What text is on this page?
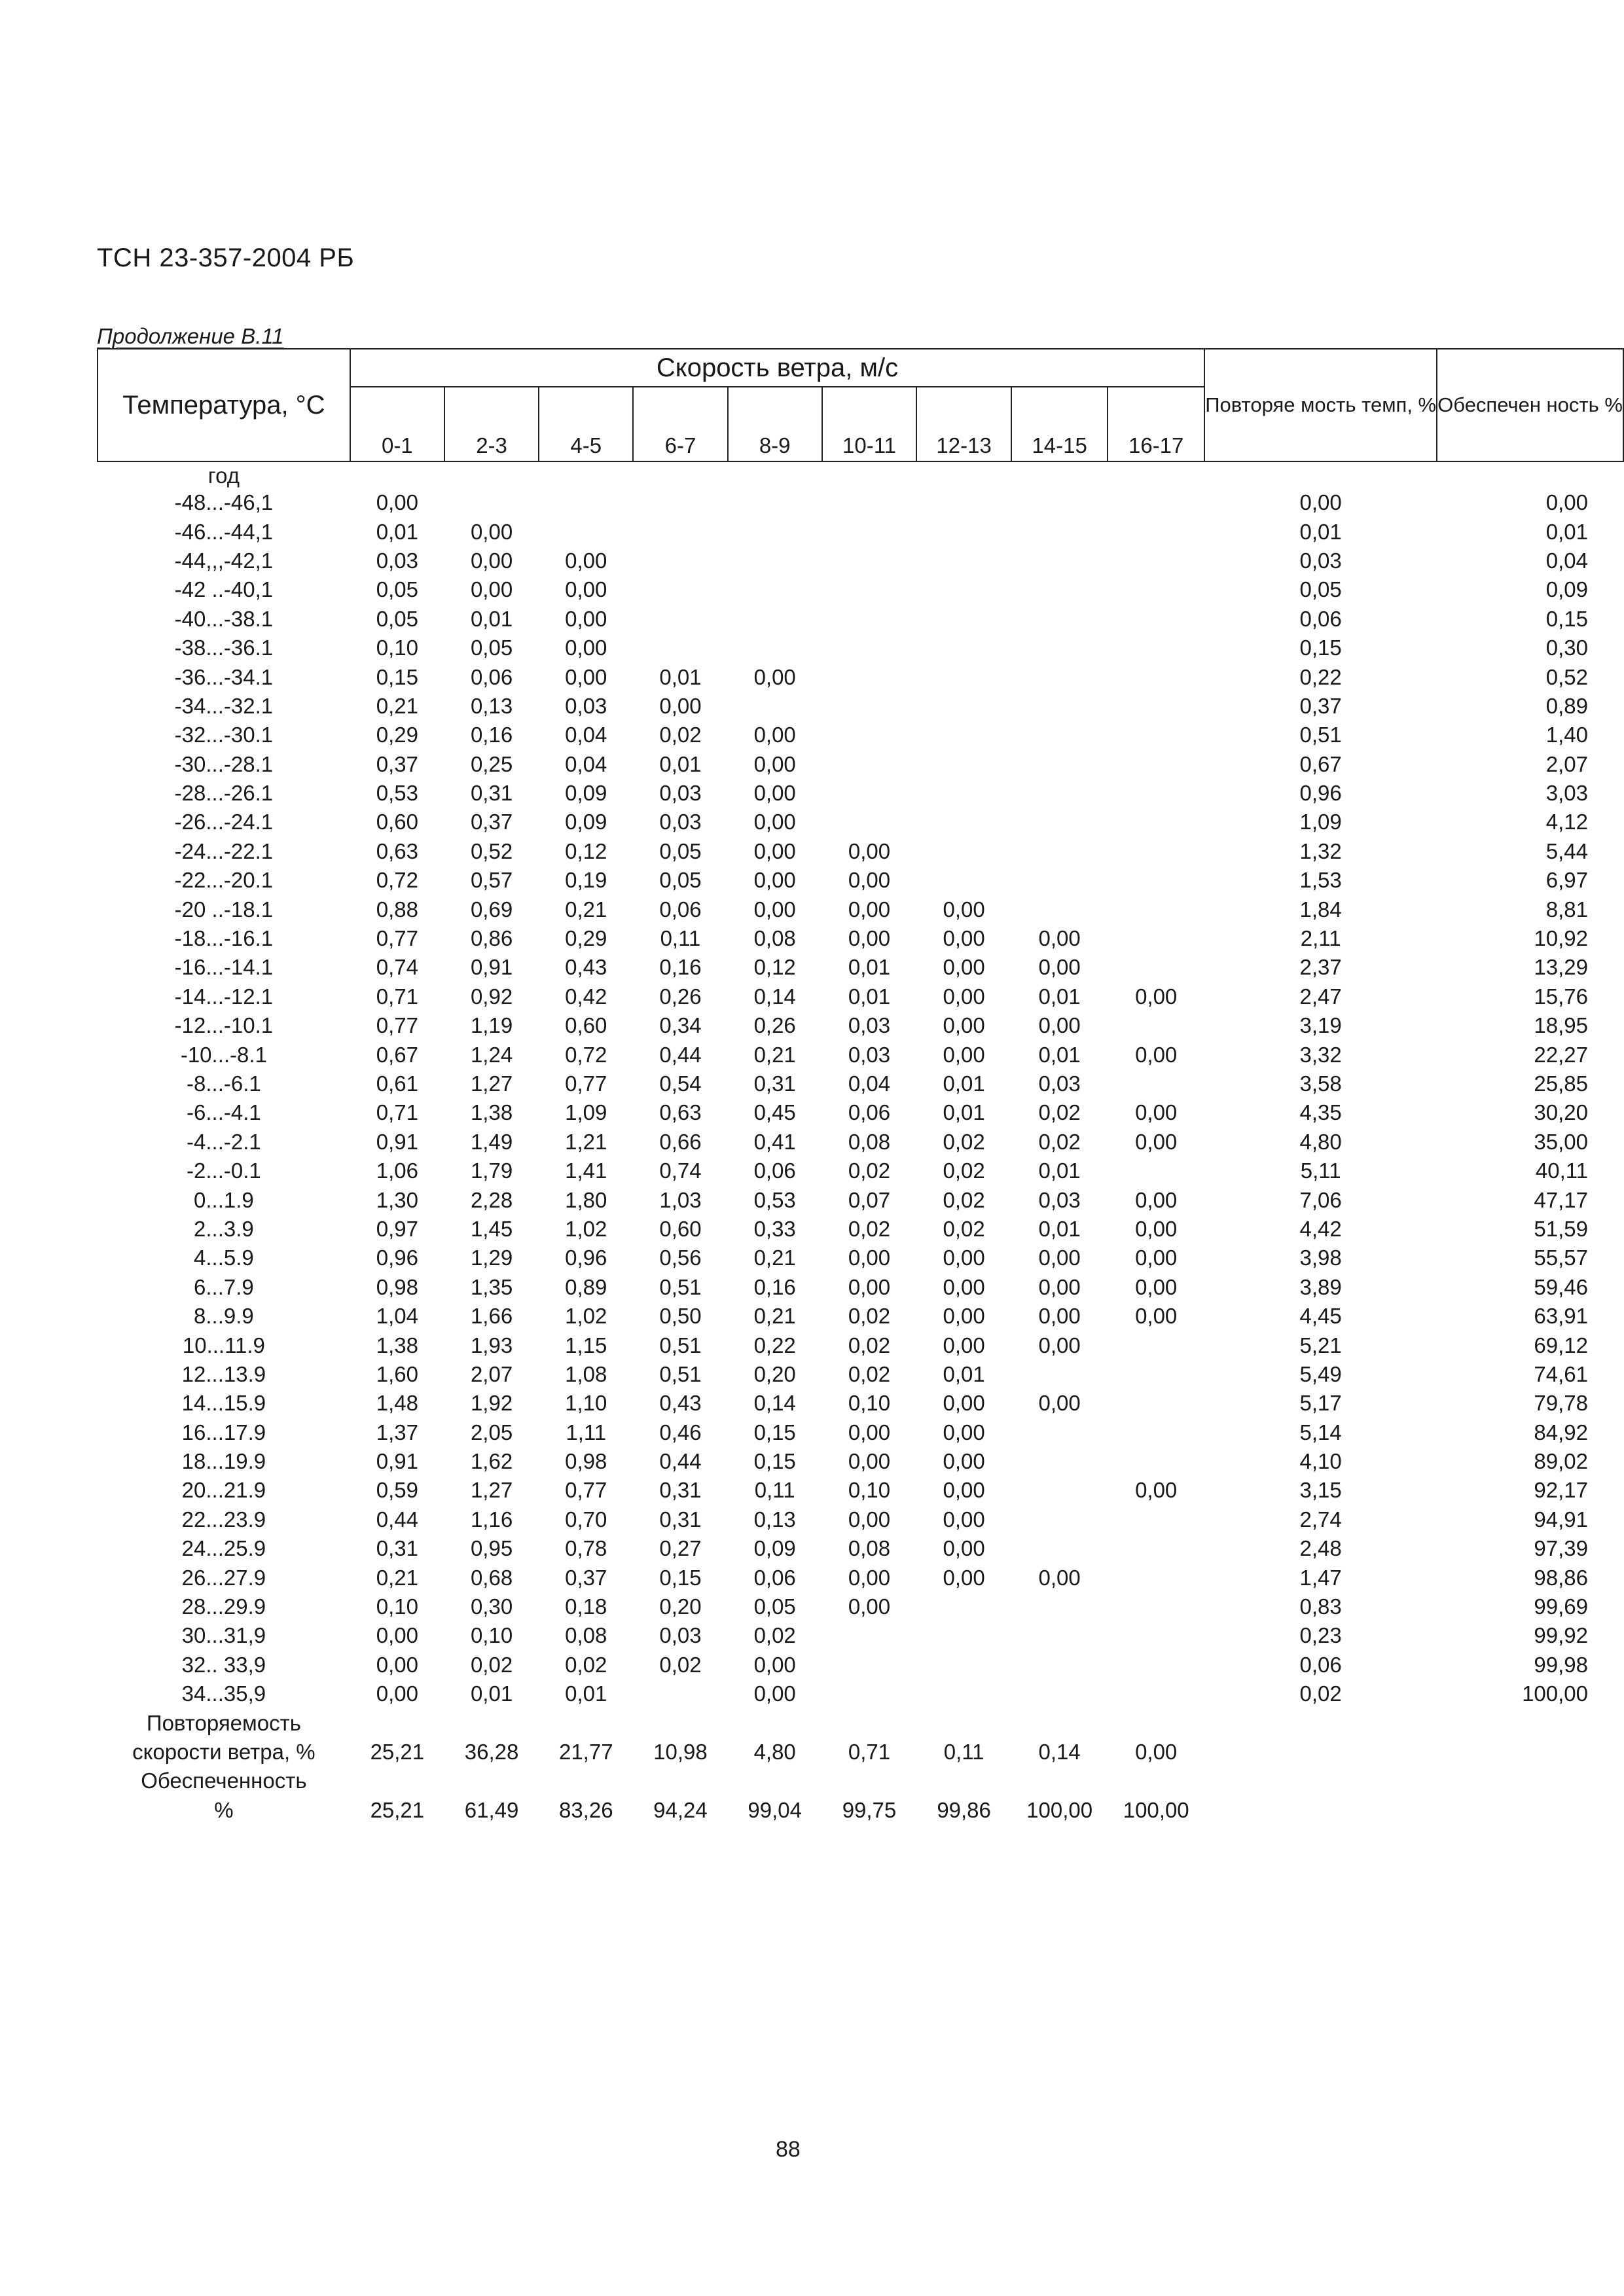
ТСН 23-357-2004 РБ
Продолжение В.11
Температура, °С	Скорость ветра, м/с									Повторяе мость темп, %	Обеспечен ность %
	0-1	2-3	4-5	6-7	8-9	10-11	12-13	14-15	16-17		
год											
-48...-46,1	0,00									0,00	0,00
-46...-44,1	0,01	0,00								0,01	0,01
-44,,,-42,1	0,03	0,00	0,00							0,03	0,04
-42 ..-40,1	0,05	0,00	0,00							0,05	0,09
-40...-38.1	0,05	0,01	0,00							0,06	0,15
-38...-36.1	0,10	0,05	0,00							0,15	0,30
-36...-34.1	0,15	0,06	0,00	0,01	0,00					0,22	0,52
-34...-32.1	0,21	0,13	0,03	0,00						0,37	0,89
-32...-30.1	0,29	0,16	0,04	0,02	0,00					0,51	1,40
-30...-28.1	0,37	0,25	0,04	0,01	0,00					0,67	2,07
-28...-26.1	0,53	0,31	0,09	0,03	0,00					0,96	3,03
-26...-24.1	0,60	0,37	0,09	0,03	0,00					1,09	4,12
-24...-22.1	0,63	0,52	0,12	0,05	0,00	0,00				1,32	5,44
-22...-20.1	0,72	0,57	0,19	0,05	0,00	0,00				1,53	6,97
-20 ..-18.1	0,88	0,69	0,21	0,06	0,00	0,00	0,00			1,84	8,81
-18...-16.1	0,77	0,86	0,29	0,11	0,08	0,00	0,00	0,00		2,11	10,92
-16...-14.1	0,74	0,91	0,43	0,16	0,12	0,01	0,00	0,00		2,37	13,29
-14...-12.1	0,71	0,92	0,42	0,26	0,14	0,01	0,00	0,01	0,00	2,47	15,76
-12...-10.1	0,77	1,19	0,60	0,34	0,26	0,03	0,00	0,00		3,19	18,95
-10...-8.1	0,67	1,24	0,72	0,44	0,21	0,03	0,00	0,01	0,00	3,32	22,27
-8...-6.1	0,61	1,27	0,77	0,54	0,31	0,04	0,01	0,03		3,58	25,85
-6...-4.1	0,71	1,38	1,09	0,63	0,45	0,06	0,01	0,02	0,00	4,35	30,20
-4...-2.1	0,91	1,49	1,21	0,66	0,41	0,08	0,02	0,02	0,00	4,80	35,00
-2...-0.1	1,06	1,79	1,41	0,74	0,06	0,02	0,02	0,01		5,11	40,11
0...1.9	1,30	2,28	1,80	1,03	0,53	0,07	0,02	0,03	0,00	7,06	47,17
2...3.9	0,97	1,45	1,02	0,60	0,33	0,02	0,02	0,01	0,00	4,42	51,59
4...5.9	0,96	1,29	0,96	0,56	0,21	0,00	0,00	0,00	0,00	3,98	55,57
6...7.9	0,98	1,35	0,89	0,51	0,16	0,00	0,00	0,00	0,00	3,89	59,46
8...9.9	1,04	1,66	1,02	0,50	0,21	0,02	0,00	0,00	0,00	4,45	63,91
10...11.9	1,38	1,93	1,15	0,51	0,22	0,02	0,00	0,00		5,21	69,12
12...13.9	1,60	2,07	1,08	0,51	0,20	0,02	0,01			5,49	74,61
14...15.9	1,48	1,92	1,10	0,43	0,14	0,10	0,00	0,00		5,17	79,78
16...17.9	1,37	2,05	1,11	0,46	0,15	0,00	0,00			5,14	84,92
18...19.9	0,91	1,62	0,98	0,44	0,15	0,00	0,00			4,10	89,02
20...21.9	0,59	1,27	0,77	0,31	0,11	0,10	0,00		0,00	3,15	92,17
22...23.9	0,44	1,16	0,70	0,31	0,13	0,00	0,00			2,74	94,91
24...25.9	0,31	0,95	0,78	0,27	0,09	0,08	0,00			2,48	97,39
26...27.9	0,21	0,68	0,37	0,15	0,06	0,00	0,00	0,00		1,47	98,86
28...29.9	0,10	0,30	0,18	0,20	0,05	0,00				0,83	99,69
30...31,9	0,00	0,10	0,08	0,03	0,02					0,23	99,92
32.. 33,9	0,00	0,02	0,02	0,02	0,00					0,06	99,98
34...35,9	0,00	0,01	0,01		0,00					0,02	100,00
Повторяемость											
скорости ветра, %	25,21	36,28	21,77	10,98	4,80	0,71	0,11	0,14	0,00		
Обеспеченность											
%	25,21	61,49	83,26	94,24	99,04	99,75	99,86	100,00	100,00		
88
